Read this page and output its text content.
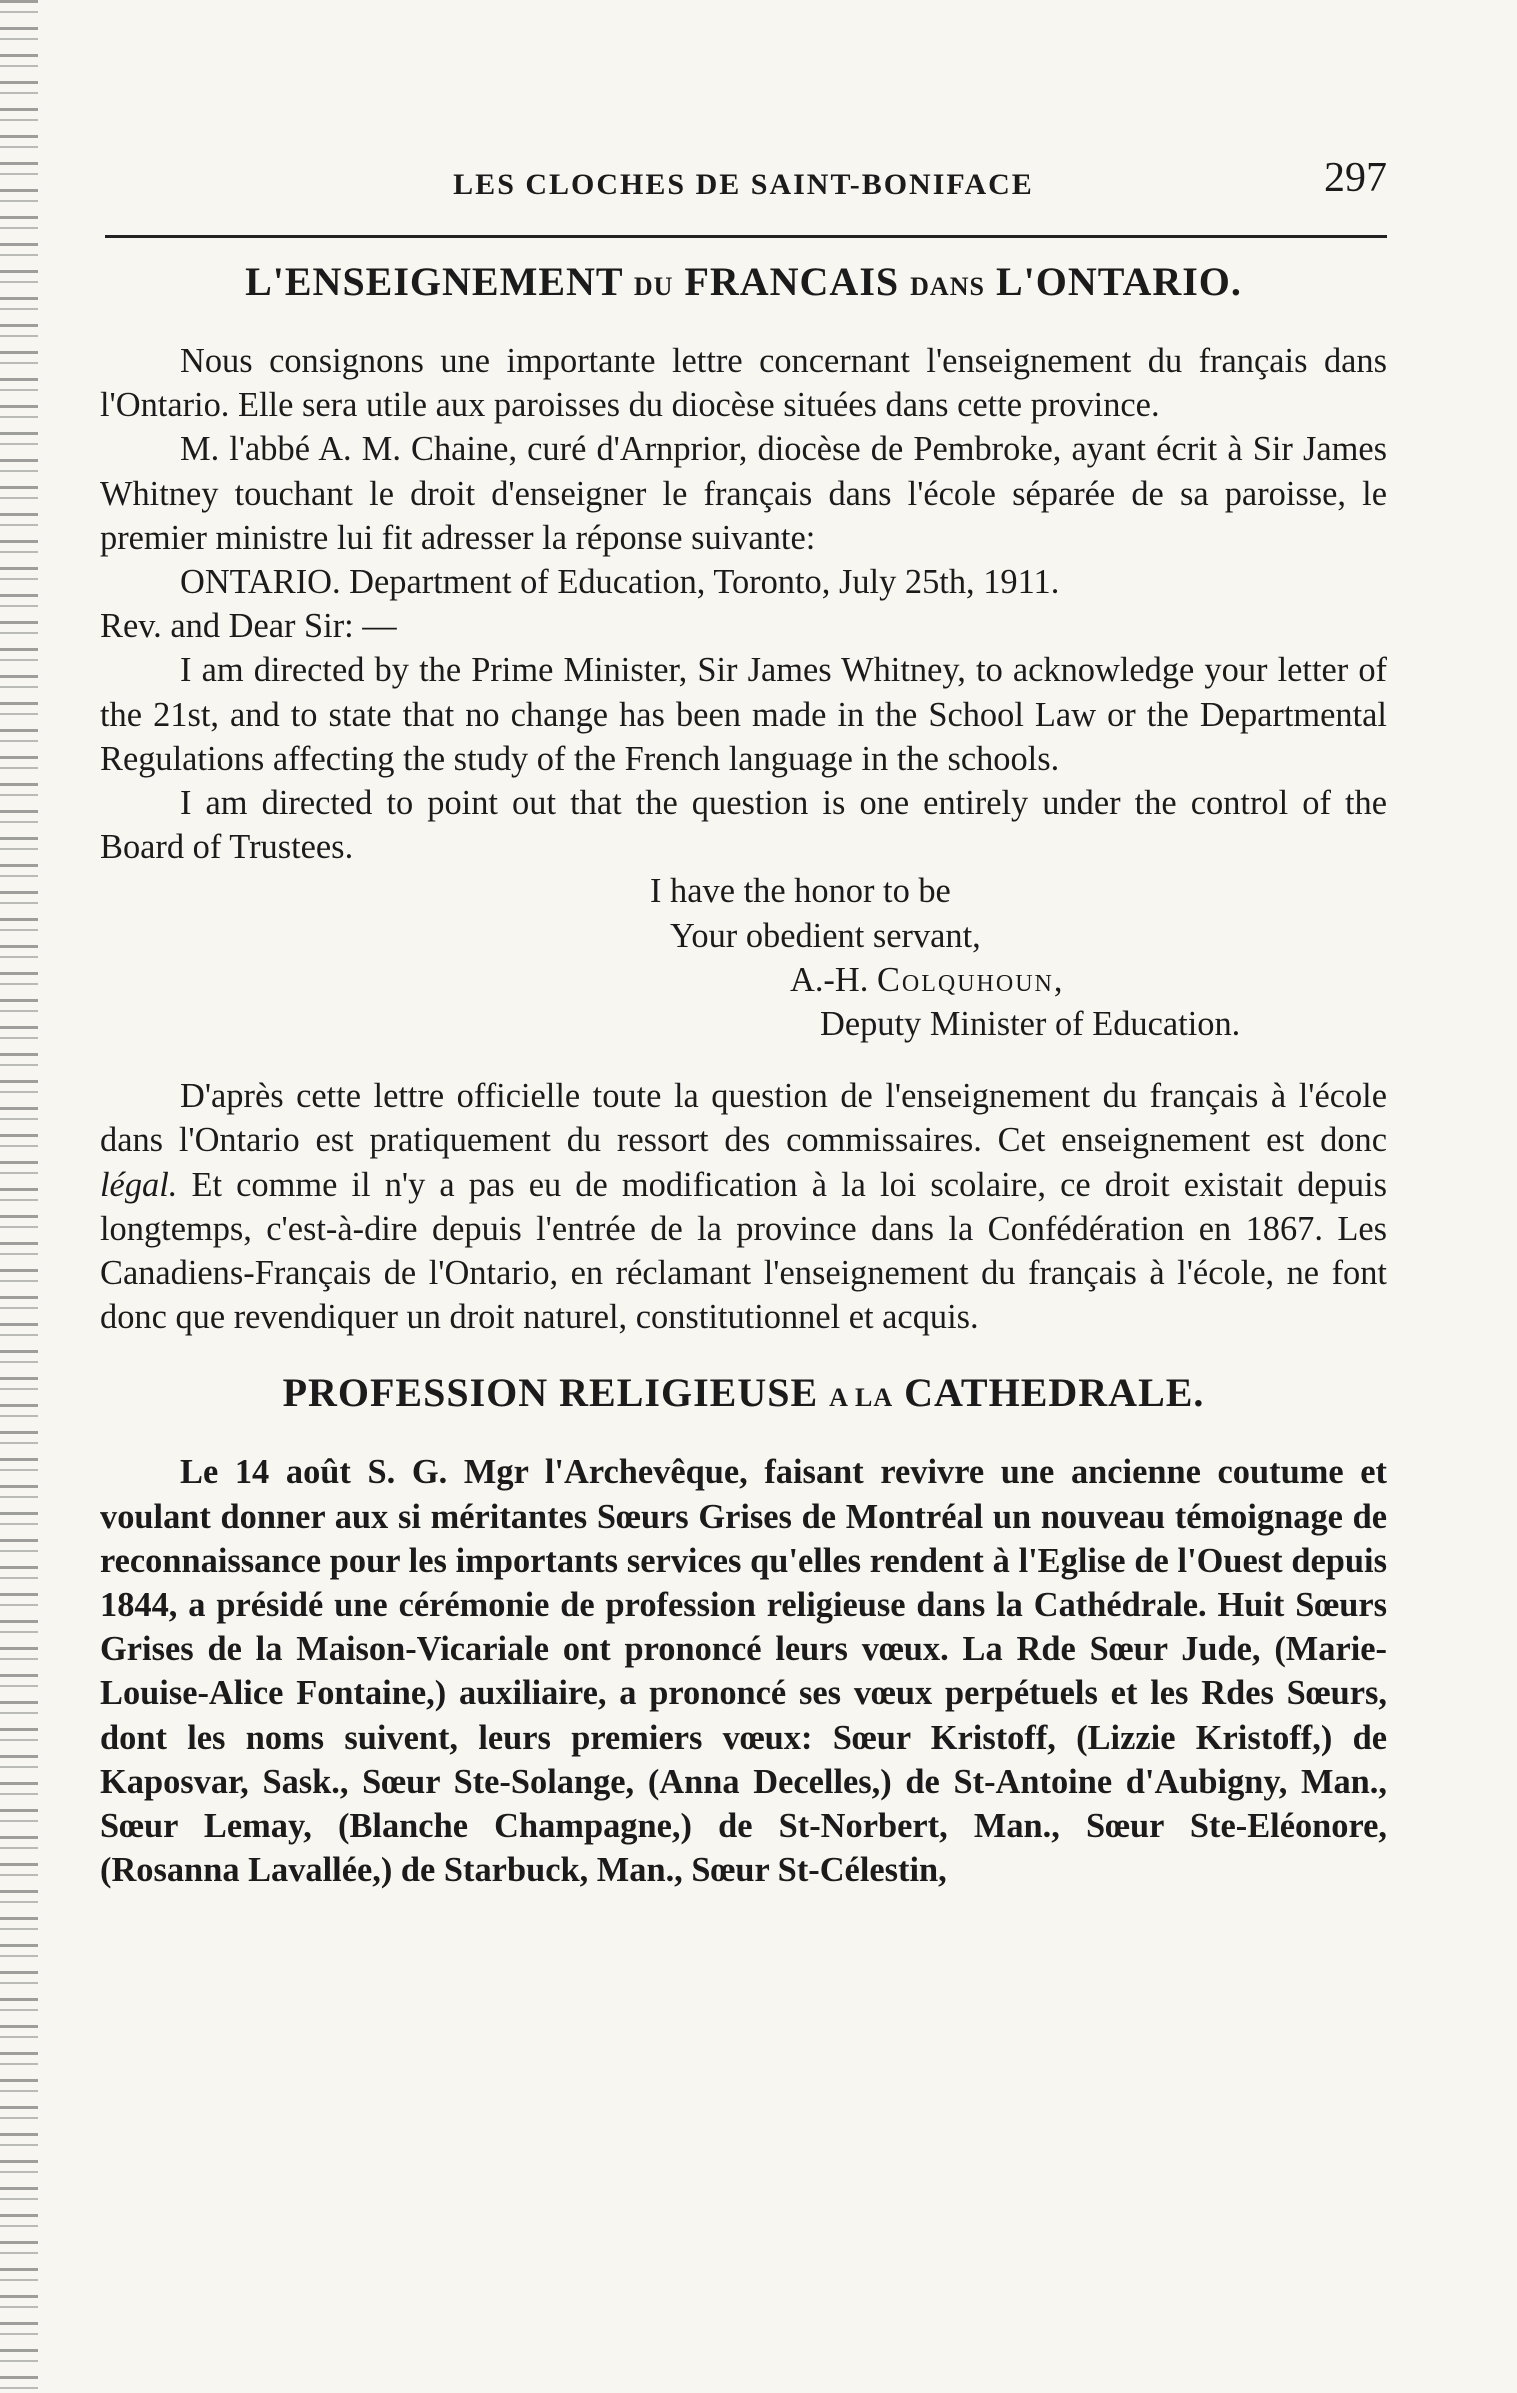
LES CLOCHES DE SAINT-BONIFACE	297
L'ENSEIGNEMENT DU FRANCAIS DANS L'ONTARIO.

Nous consignons une importante lettre concernant l'enseignement du français dans l'Ontario. Elle sera utile aux paroisses du diocèse situées dans cette province.

M. l'abbé A. M. Chaine, curé d'Arnprior, diocèse de Pembroke, ayant écrit à Sir James Whitney touchant le droit d'enseigner le français dans l'école séparée de sa paroisse, le premier ministre lui fit adresser la réponse suivante:

ONTARIO. Department of Education, Toronto, July 25th, 1911.

Rev. and Dear Sir: —

I am directed by the Prime Minister, Sir James Whitney, to acknowledge your letter of the 21st, and to state that no change has been made in the School Law or the Departmental Regulations affecting the study of the French language in the schools.

I am directed to point out that the question is one entirely under the control of the Board of Trustees.

I have the honor to be

Your obedient servant,

A.-H. Colquhoun,

Deputy Minister of Education.

D'après cette lettre officielle toute la question de l'enseignement du français à l'école dans l'Ontario est pratiquement du ressort des commissaires. Cet enseignement est donc légal. Et comme il n'y a pas eu de modification à la loi scolaire, ce droit existait depuis longtemps, c'est-à-dire depuis l'entrée de la province dans la Confédération en 1867. Les Canadiens-Français de l'Ontario, en réclamant l'enseignement du français à l'école, ne font donc que revendiquer un droit naturel, constitutionnel et acquis.

PROFESSION RELIGIEUSE A LA CATHEDRALE.

Le 14 août S. G. Mgr l'Archevêque, faisant revivre une ancienne coutume et voulant donner aux si méritantes Sœurs Grises de Montréal un nouveau témoignage de reconnaissance pour les importants services qu'elles rendent à l'Eglise de l'Ouest depuis 1844, a présidé une cérémonie de profession religieuse dans la Cathédrale. Huit Sœurs Grises de la Maison-Vicariale ont prononcé leurs vœux. La Rde Sœur Jude, (Marie-Louise-Alice Fontaine,) auxiliaire, a prononcé ses vœux perpétuels et les Rdes Sœurs, dont les noms suivent, leurs premiers vœux: Sœur Kristoff, (Lizzie Kristoff,) de Kaposvar, Sask., Sœur Ste-Solange, (Anna Decelles,) de St-Antoine d'Aubigny, Man., Sœur Lemay, (Blanche Champagne,) de St-Norbert, Man., Sœur Ste-Eléonore, (Rosanna Lavallée,) de Starbuck, Man., Sœur St-Célestin,
